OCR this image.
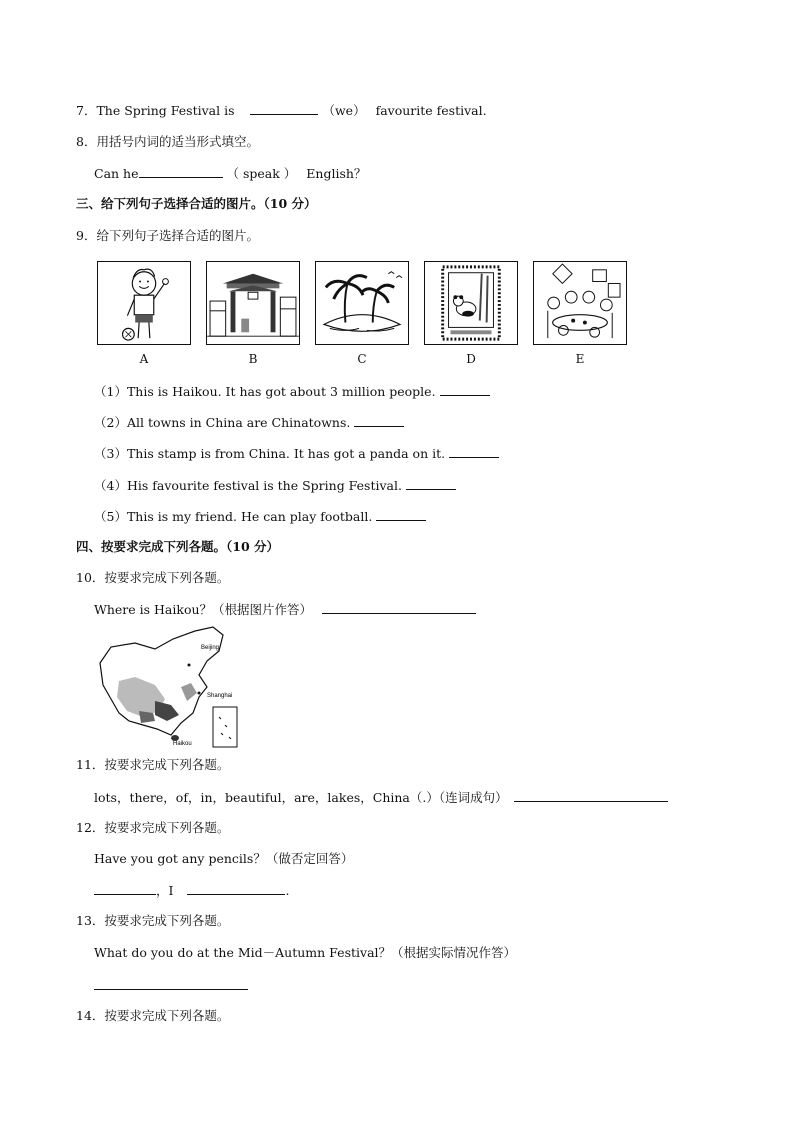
7．The Spring Festival is	（we） favourite festival.
8．用括号内词的适当形式填空。
Can he	（ speak ） English？
三、给下列句子选择合适的图片。（10 分）
9．给下列句子选择合适的图片。
A	B	C	D	E
（1）This is Haikou. It has got about 3 million people.
（2）All towns in China are Chinatowns.
（3）This stamp is from China. It has got a panda on it.
（4）His favourite festival is the Spring Festival.
（5）This is my friend. He can play football.
四、按要求完成下列各题。（10 分）
10．按要求完成下列各题。
Where is Haikou？（根据图片作答）
Beijing
Shanghai
Haikou
11．按要求完成下列各题。
lots，there，of，in，beautiful，are，lakes，China（.）（连词成句）
12．按要求完成下列各题。
Have you got any pencils？（做否定回答）
，I	.
13．按要求完成下列各题。
What do you do at the Mid－Autumn Festival？（根据实际情况作答）
14．按要求完成下列各题。
